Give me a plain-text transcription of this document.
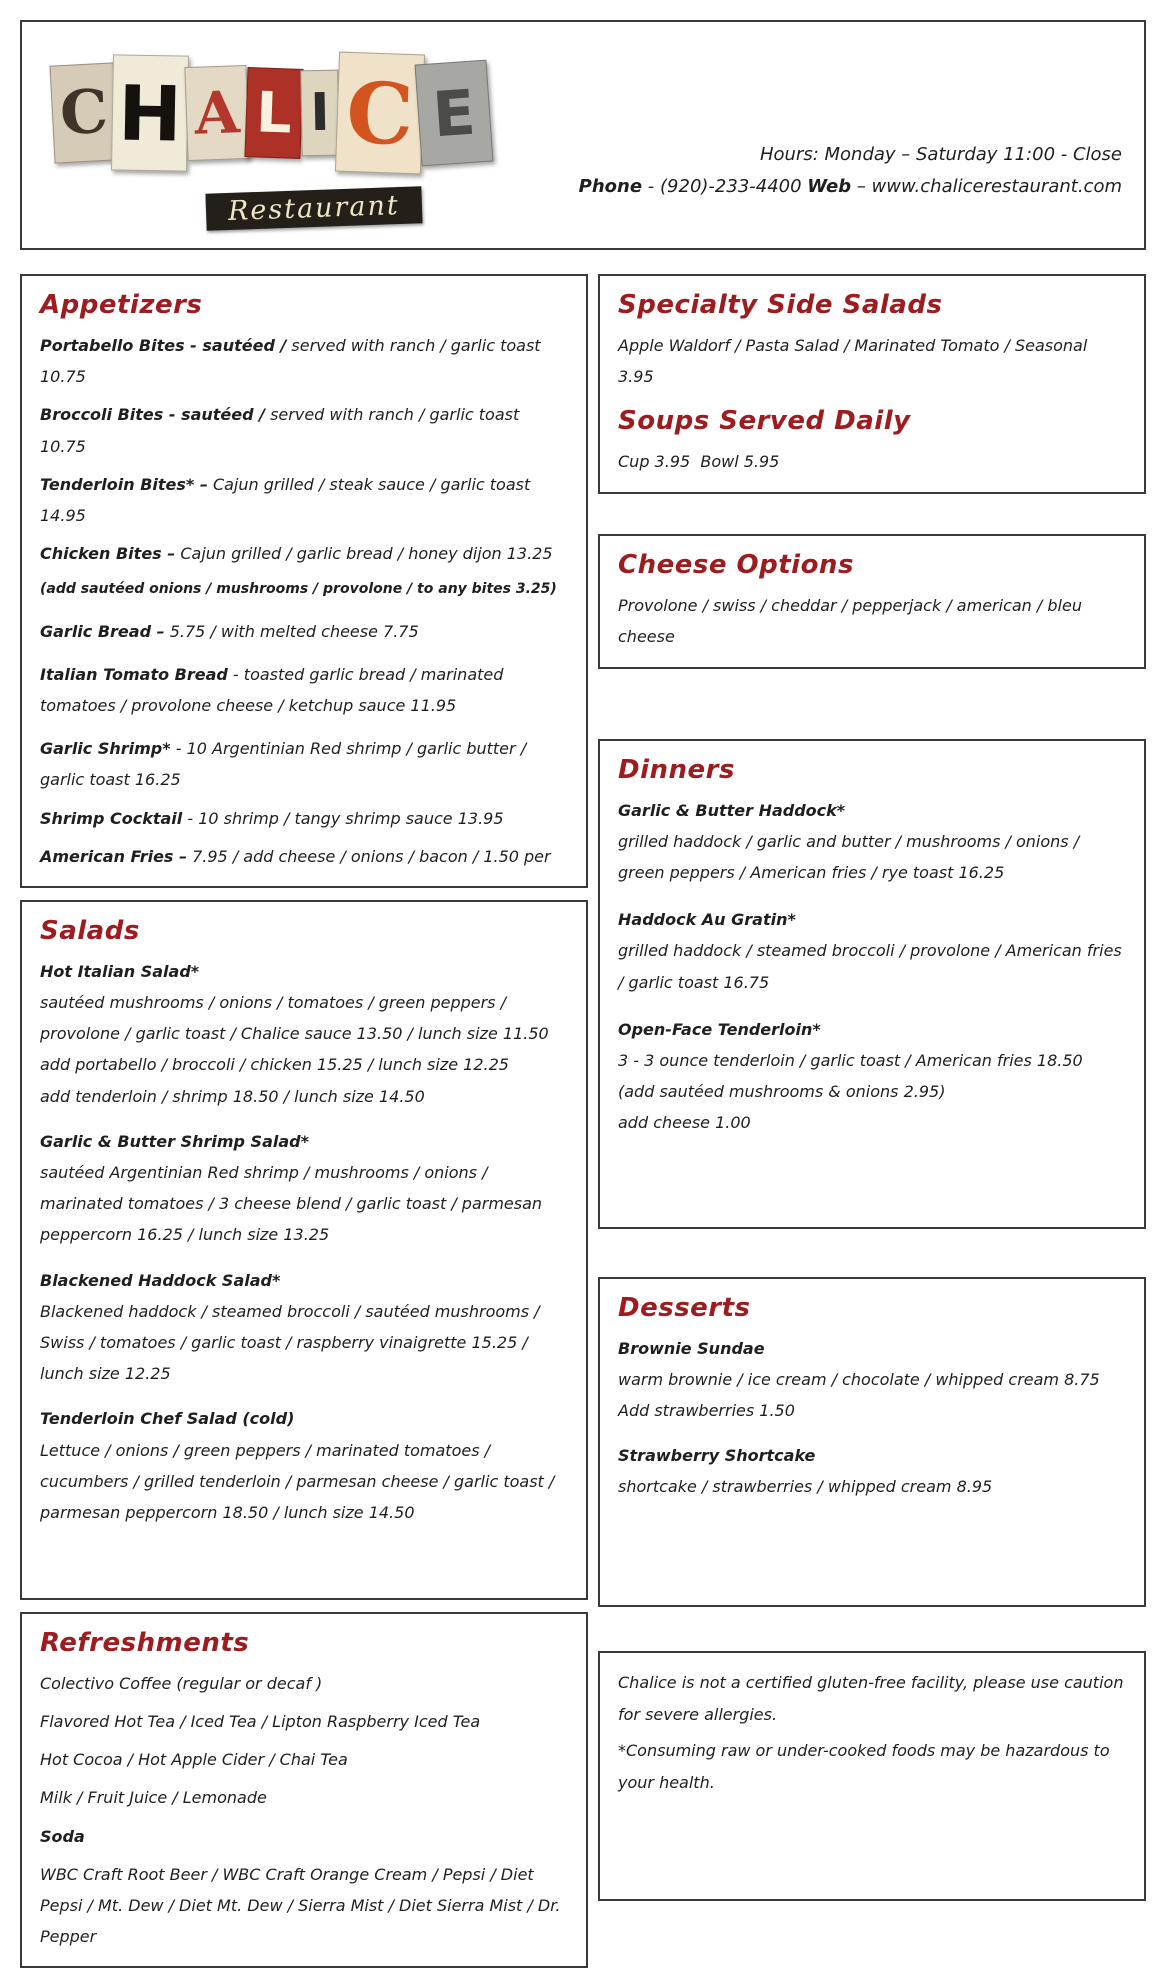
C H A L I C E
Restaurant
Hours: Monday – Saturday 11:00 - Close
Phone - (920)-233-4400 Web – www.chalicerestaurant.com
Appetizers
Portabello Bites - sautéed / served with ranch / garlic toast 10.75
Broccoli Bites - sautéed / served with ranch / garlic toast 10.75
Tenderloin Bites* – Cajun grilled / steak sauce / garlic toast 14.95
Chicken Bites – Cajun grilled / garlic bread / honey dijon 13.25
(add sautéed onions / mushrooms / provolone / to any bites 3.25)
Garlic Bread – 5.75 / with melted cheese 7.75
Italian Tomato Bread - toasted garlic bread / marinated tomatoes / provolone cheese / ketchup sauce 11.95
Garlic Shrimp* - 10 Argentinian Red shrimp / garlic butter / garlic toast 16.25
Shrimp Cocktail - 10 shrimp / tangy shrimp sauce 13.95
American Fries – 7.95 / add cheese / onions / bacon / 1.50 per
Salads
Hot Italian Salad*
sautéed mushrooms / onions / tomatoes / green peppers / provolone / garlic toast / Chalice sauce 13.50 / lunch size 11.50
add portabello / broccoli / chicken 15.25 / lunch size 12.25
add tenderloin / shrimp 18.50 / lunch size 14.50
Garlic & Butter Shrimp Salad*
sautéed Argentinian Red shrimp / mushrooms / onions / marinated tomatoes / 3 cheese blend / garlic toast / parmesan peppercorn 16.25 / lunch size 13.25
Blackened Haddock Salad*
Blackened haddock / steamed broccoli / sautéed mushrooms / Swiss / tomatoes / garlic toast / raspberry vinaigrette 15.25 / lunch size 12.25
Tenderloin Chef Salad (cold)
Lettuce / onions / green peppers / marinated tomatoes / cucumbers / grilled tenderloin / parmesan cheese / garlic toast / parmesan peppercorn 18.50 / lunch size 14.50
Refreshments
Colectivo Coffee (regular or decaf )
Flavored Hot Tea / Iced Tea / Lipton Raspberry Iced Tea
Hot Cocoa / Hot Apple Cider / Chai Tea
Milk / Fruit Juice / Lemonade
Soda
WBC Craft Root Beer / WBC Craft Orange Cream / Pepsi / Diet Pepsi / Mt. Dew / Diet Mt. Dew / Sierra Mist / Diet Sierra Mist / Dr. Pepper
Specialty Side Salads

Apple Waldorf / Pasta Salad / Marinated Tomato / Seasonal 3.95

Soups Served Daily

Cup 3.95  Bowl 5.95

Cheese Options

Provolone / swiss / cheddar / pepperjack / american / bleu cheese

Dinners
Garlic & Butter Haddock*
grilled haddock / garlic and butter / mushrooms / onions / green peppers / American fries / rye toast 16.25
Haddock Au Gratin*
grilled haddock / steamed broccoli / provolone / American fries / garlic toast 16.75
Open-Face Tenderloin*
3 - 3 ounce tenderloin / garlic toast / American fries 18.50
(add sautéed mushrooms & onions 2.95)
add cheese 1.00
Desserts
Brownie Sundae
warm brownie / ice cream / chocolate / whipped cream 8.75
Add strawberries 1.50
Strawberry Shortcake
shortcake / strawberries / whipped cream 8.95

Chalice is not a certified gluten-free facility, please use caution for severe allergies.

*Consuming raw or under-cooked foods may be hazardous to your health.
